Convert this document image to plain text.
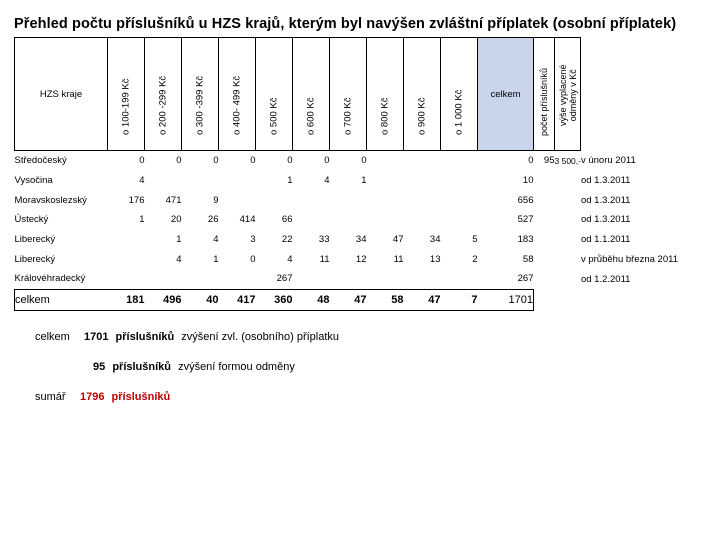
Přehled počtu příslušníků u HZS krajů, kterým byl navýšen zvláštní příplatek (osobní příplatek)
HZS kraje	o 100-199 Kč	o 200 -299 Kč	o 300 -399 Kč	o 400- 499 Kč	o 500 Kč	o 600 Kč	o 700 Kč	o 800 Kč	o 900 Kč	o 1 000 Kč	celkem	počet příslušníků	výše vyplacené odměny v Kč	

Středočeský	0	0	0	0	0	0	0				0	95	3 500,-	v únoru 2011
Vysočina	4				1	4	1				10			od 1.3.2011
Moravskoslezský	176	471	9								656			od 1.3.2011
Ústecký	1	20	26	414	66						527			od 1.3.2011
Liberecký		1	4	3	22	33	34	47	34	5	183			od 1.1.2011
Liberecký		4	1	0	4	11	12	11	13	2	58			v průběhu března 2011
Královéhradecký					267						267			od 1.2.2011
celkem	181	496	40	417	360	48	47	58	47	7	1701			
celkem 1701 příslušníků zvýšení zvl. (osobního) příplatku
95 příslušníků zvýšení formou odměny
sumář 1796 příslušníků
